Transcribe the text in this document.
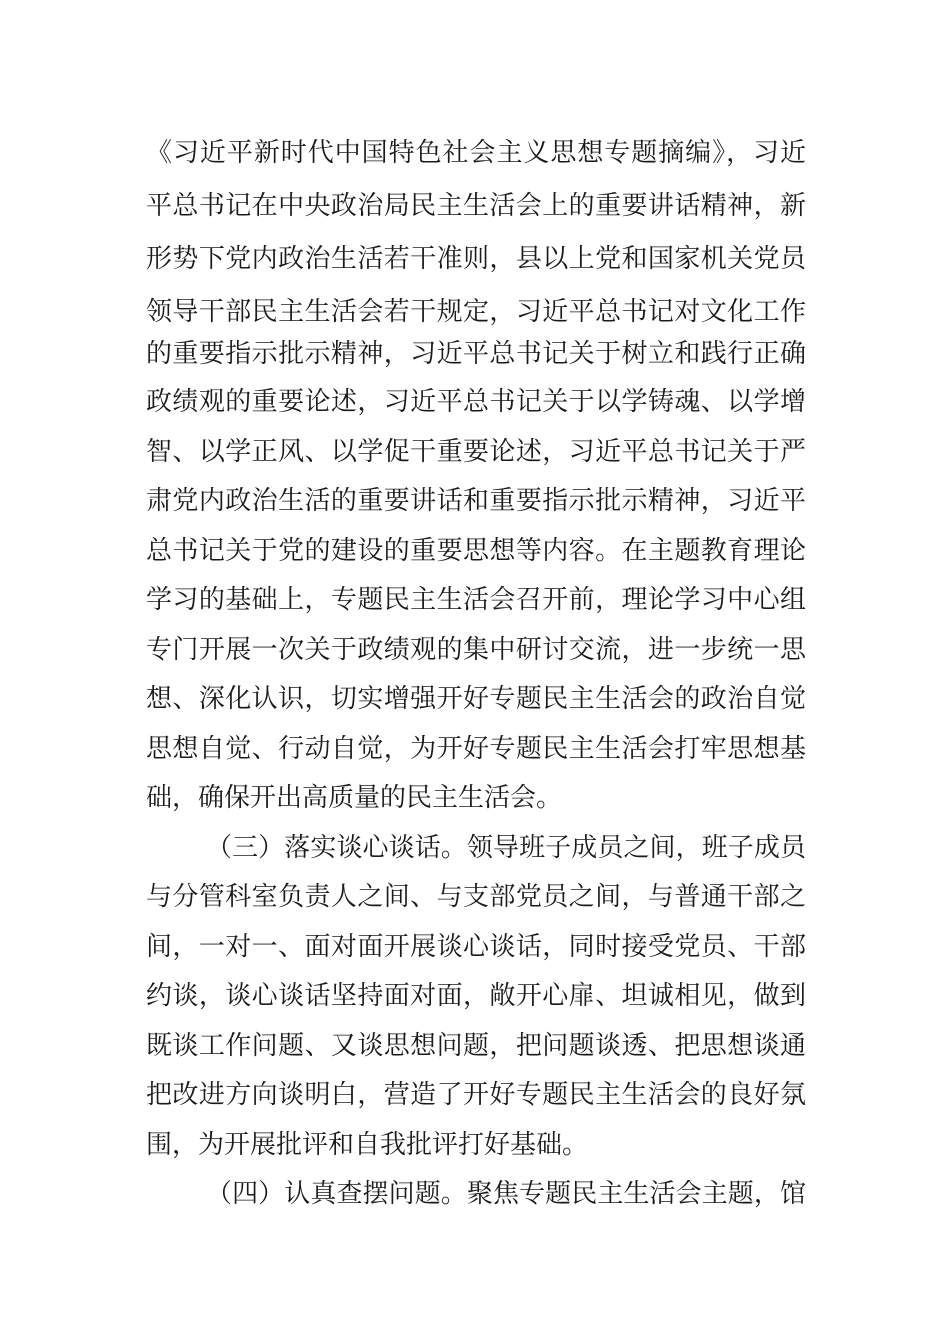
《习近平新时代中国特色社会主义思想专题摘编》，习近
平总书记在中央政治局民主生活会上的重要讲话精神，新
形势下党内政治生活若干准则，县以上党和国家机关党员
领导干部民主生活会若干规定，习近平总书记对文化工作
的重要指示批示精神，习近平总书记关于树立和践行正确
政绩观的重要论述，习近平总书记关于以学铸魂、以学增
智、以学正风、以学促干重要论述，习近平总书记关于严
肃党内政治生活的重要讲话和重要指示批示精神，习近平
总书记关于党的建设的重要思想等内容。在主题教育理论
学习的基础上，专题民主生活会召开前，理论学习中心组
专门开展一次关于政绩观的集中研讨交流，进一步统一思
想、深化认识，切实增强开好专题民主生活会的政治自觉
思想自觉、行动自觉，为开好专题民主生活会打牢思想基
础，确保开出高质量的民主生活会。
（三）落实谈心谈话。领导班子成员之间，班子成员
与分管科室负责人之间、与支部党员之间，与普通干部之
间，一对一、面对面开展谈心谈话，同时接受党员、干部
约谈，谈心谈话坚持面对面，敞开心扉、坦诚相见，做到
既谈工作问题、又谈思想问题，把问题谈透、把思想谈通
把改进方向谈明白，营造了开好专题民主生活会的良好氛
围，为开展批评和自我批评打好基础。
（四）认真查摆问题。聚焦专题民主生活会主题，馆
